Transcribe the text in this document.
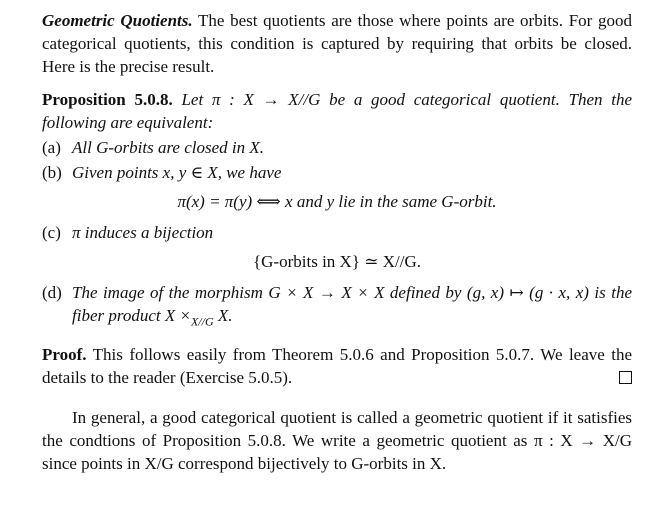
Geometric Quotients. The best quotients are those where points are orbits. For good categorical quotients, this condition is captured by requiring that orbits be closed. Here is the precise result.

Proposition 5.0.8. Let π : X → X//G be a good categorical quotient. Then the following are equivalent:

(a) All G-orbits are closed in X.
(b) Given points x, y ∈ X, we have

π(x) = π(y) ⟺ x and y lie in the same G-orbit.

(c) π induces a bijection

{G-orbits in X} ≃ X//G.

(d) The image of the morphism G × X → X × X defined by (g, x) ↦ (g · x, x) is the fiber product $X \times_{X//G}$ X.

Proof. This follows easily from Theorem 5.0.6 and Proposition 5.0.7. We leave the details to the reader (Exercise 5.0.5).

In general, a good categorical quotient is called a geometric quotient if it satisfies the condtions of Proposition 5.0.8. We write a geometric quotient as π : X → X/G since points in X/G correspond bijectively to G-orbits in X.
